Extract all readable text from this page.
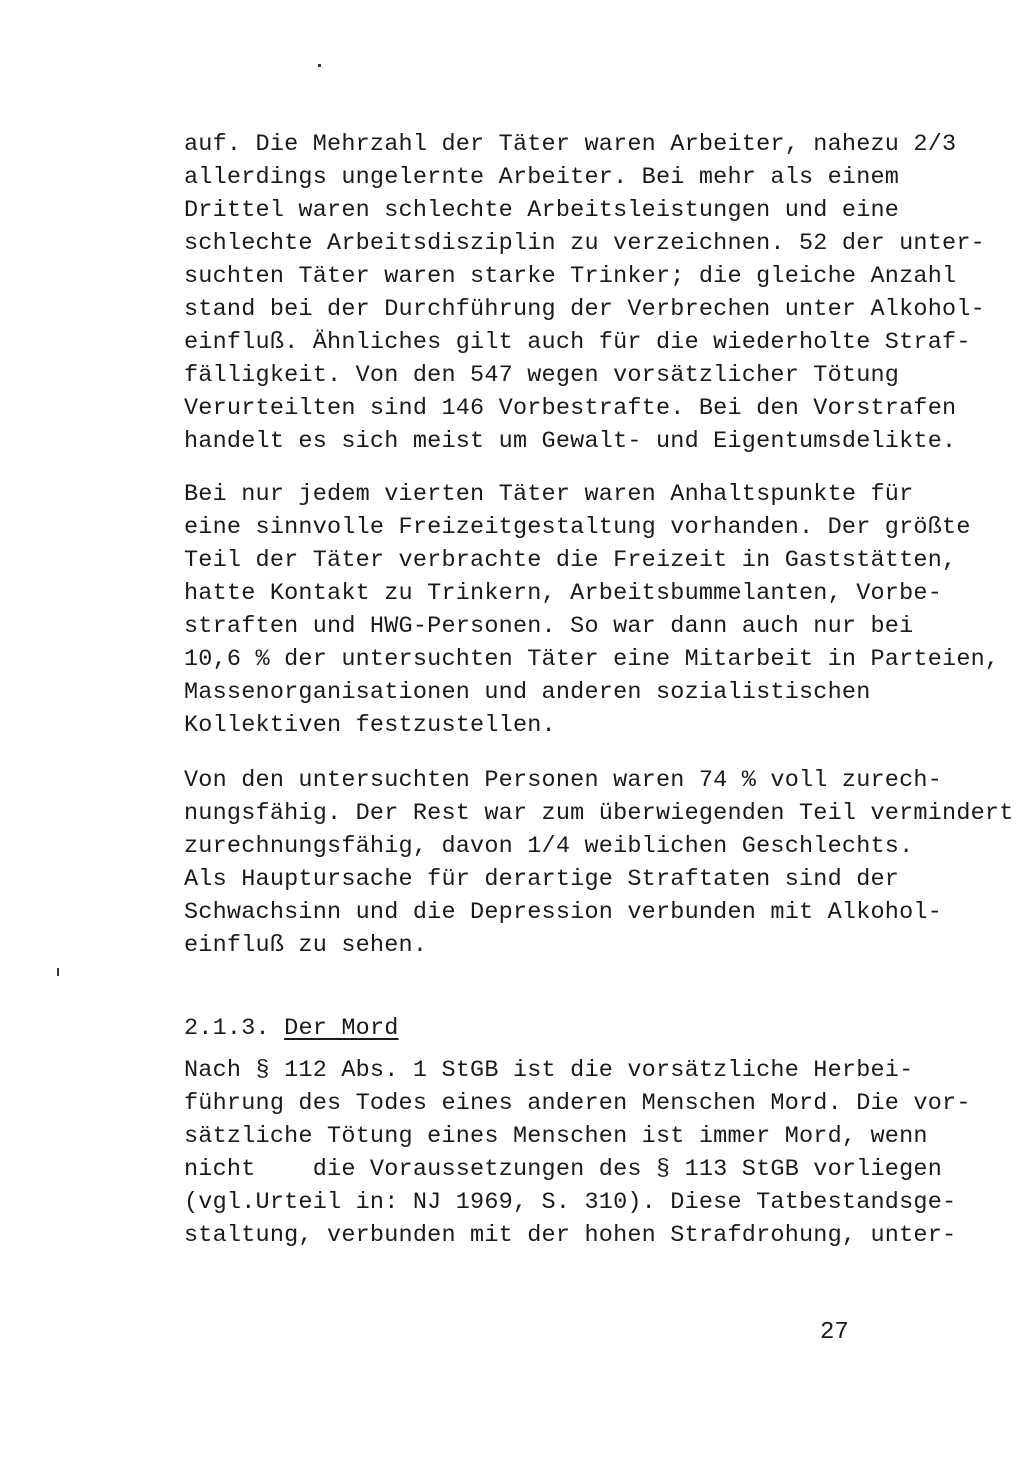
auf. Die Mehrzahl der Täter waren Arbeiter, nahezu 2/3
allerdings ungelernte Arbeiter. Bei mehr als einem
Drittel waren schlechte Arbeitsleistungen und eine
schlechte Arbeitsdisziplin zu verzeichnen. 52 der unter-
suchten Täter waren starke Trinker; die gleiche Anzahl
stand bei der Durchführung der Verbrechen unter Alkohol-
einfluß. Ähnliches gilt auch für die wiederholte Straf-
fälligkeit. Von den 547 wegen vorsätzlicher Tötung
Verurteilten sind 146 Vorbestrafte. Bei den Vorstrafen
handelt es sich meist um Gewalt- und Eigentumsdelikte.
Bei nur jedem vierten Täter waren Anhaltspunkte für
eine sinnvolle Freizeitgestaltung vorhanden. Der größte
Teil der Täter verbrachte die Freizeit in Gaststätten,
hatte Kontakt zu Trinkern, Arbeitsbummelanten, Vorbe-
straften und HWG-Personen. So war dann auch nur bei
10,6 % der untersuchten Täter eine Mitarbeit in Parteien,
Massenorganisationen und anderen sozialistischen
Kollektiven festzustellen.
Von den untersuchten Personen waren 74 % voll zurech-
nungsfähig. Der Rest war zum überwiegenden Teil vermindert
zurechnungsfähig, davon 1/4 weiblichen Geschlechts.
Als Hauptursache für derartige Straftaten sind der
Schwachsinn und die Depression verbunden mit Alkohol-
einfluß zu sehen.
2.1.3. Der Mord
Nach § 112 Abs. 1 StGB ist die vorsätzliche Herbei-
führung des Todes eines anderen Menschen Mord. Die vor-
sätzliche Tötung eines Menschen ist immer Mord, wenn
nicht    die Voraussetzungen des § 113 StGB vorliegen
(vgl.Urteil in: NJ 1969, S. 310). Diese Tatbestandsge-
staltung, verbunden mit der hohen Strafdrohung, unter-
27
